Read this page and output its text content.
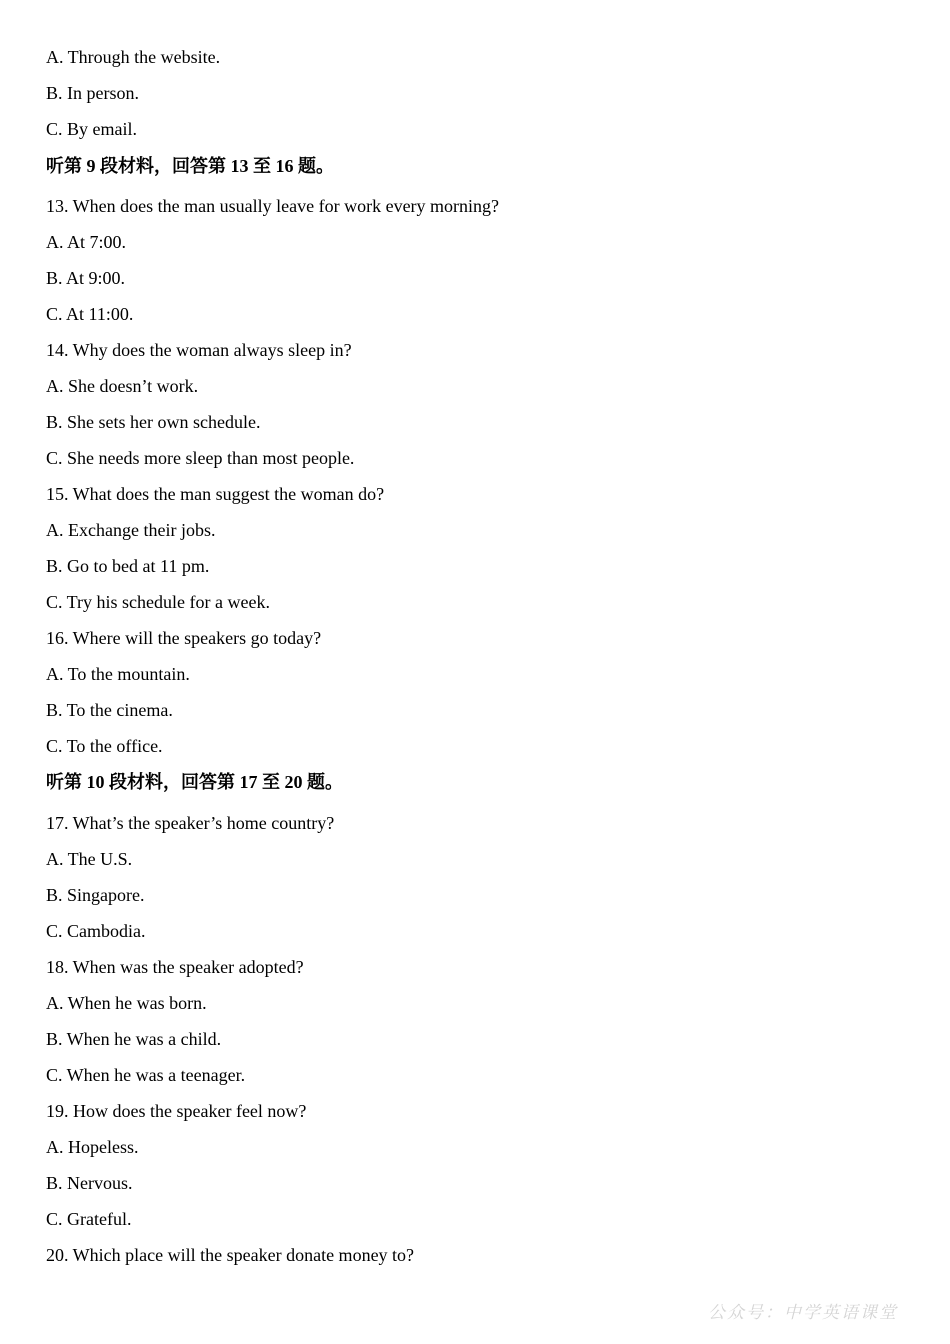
A. Through the website.
B. In person.
C. By email.
听第 9 段材料，回答第 13 至 16 题。
13. When does the man usually leave for work every morning?
A. At 7:00.
B. At 9:00.
C. At 11:00.
14. Why does the woman always sleep in?
A. She doesn’t work.
B. She sets her own schedule.
C. She needs more sleep than most people.
15. What does the man suggest the woman do?
A. Exchange their jobs.
B. Go to bed at 11 pm.
C. Try his schedule for a week.
16. Where will the speakers go today?
A. To the mountain.
B. To the cinema.
C. To the office.
听第 10 段材料，回答第 17 至 20 题。
17. What’s the speaker’s home country?
A. The U.S.
B. Singapore.
C. Cambodia.
18. When was the speaker adopted?
A. When he was born.
B. When he was a child.
C. When he was a teenager.
19. How does the speaker feel now?
A. Hopeless.
B. Nervous.
C. Grateful.
20. Which place will the speaker donate money to?
公众号：中学英语课堂
